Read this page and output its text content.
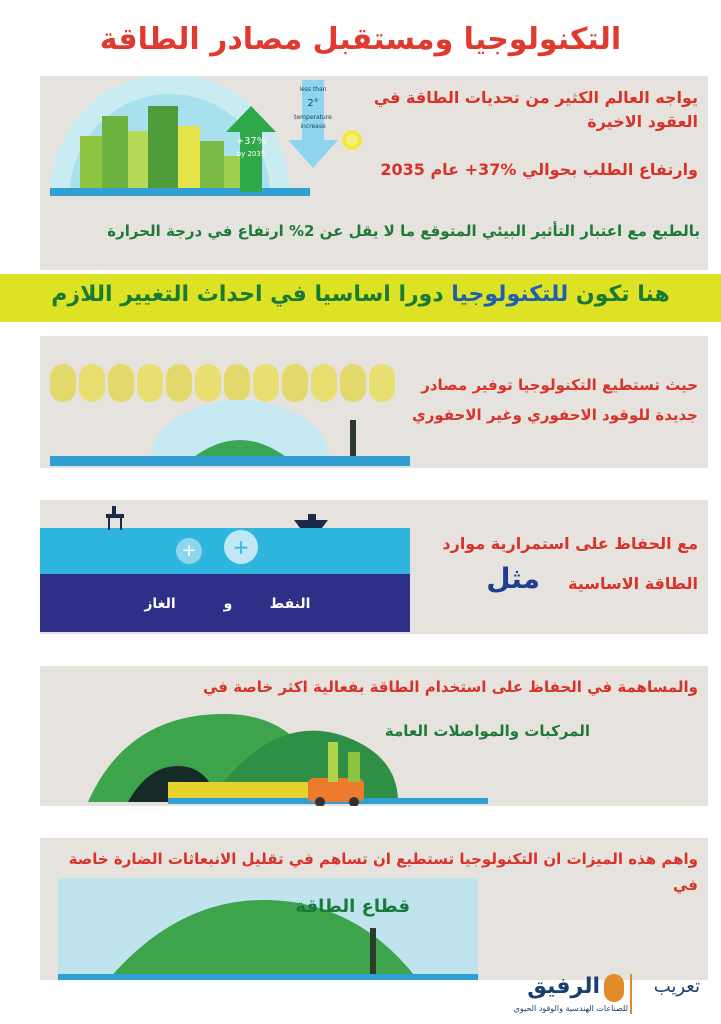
التكنولوجيا ومستقبل مصادر الطاقة
+37%
by 2035
less than
2°
temperature
increase
يواجه العالم الكثير من تحديات الطاقة في العقود الاخيرة
وارتفاع الطلب بحوالي %37+ عام 2035
بالطبع مع اعتبار التأثير البيئي المتوقع ما لا يقل عن 2% ارتفاع في درجة الحرارة
هنا تكون للتكنولوجيا دورا اساسيا في احداث التغيير اللازم
حيث تستطيع التكنولوجيا توفير مصادر جديدة للوقود الاحفوري وغير الاحفوري
+	+
النفط
و
الغاز
مع الحفاظ على استمرارية موارد الطاقة الاساسية
مثل
والمساهمة في الحفاظ على استخدام الطاقة بفعالية اكثر خاصة في
المركبات والمواصلات العامة
واهم هذه الميزات ان التكنولوجيا تستطيع ان تساهم في تقليل الانبعاثات الضارة خاصة في
قطاع الطاقة
تعريب
الرفيق
للصناعات الهندسية والوقود الحيوي
